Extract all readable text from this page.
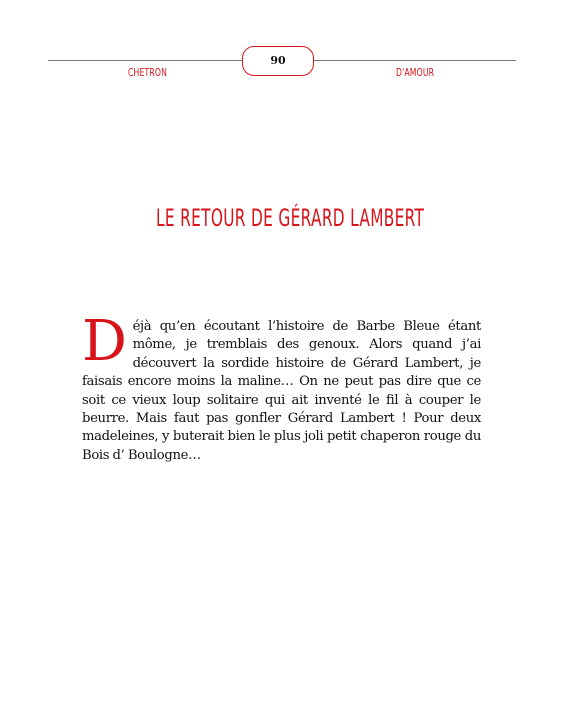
90
CHETRON	D'AMOUR
LE RETOUR DE GÉRARD LAMBERT
Déjà qu’en écoutant l’histoire de Barbe Bleue étant môme, je tremblais des genoux. Alors quand j’ai découvert la sordide histoire de Gérard Lambert, je faisais encore moins la maline… On ne peut pas dire que ce soit ce vieux loup solitaire qui ait inventé le fil à couper le beurre. Mais faut pas gonfler Gérard Lambert ! Pour deux madeleines, y buterait bien le plus joli petit chaperon rouge du Bois d’ Boulogne…
